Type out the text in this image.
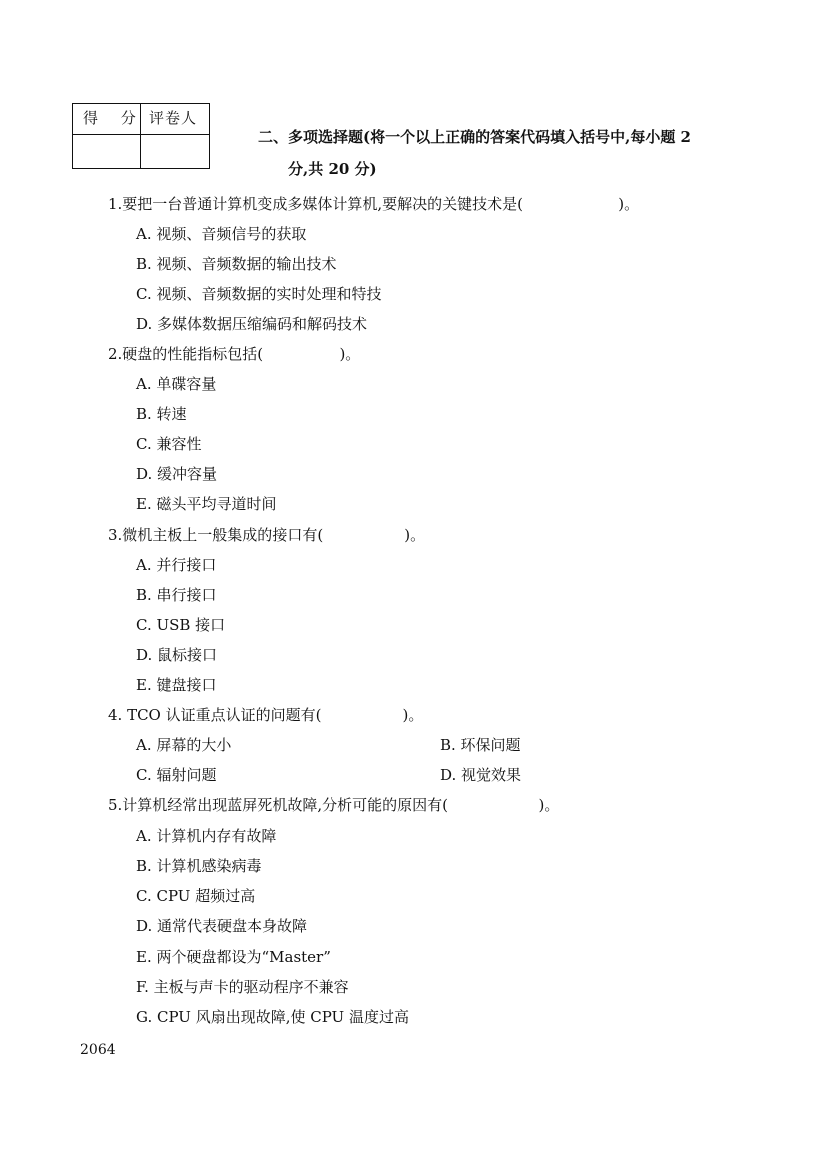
得 分 评卷人
二、多项选择题(将一个以上正确的答案代码填入括号中,每小题 2
分,共 20 分)
1.要把一台普通计算机变成多媒体计算机,要解决的关键技术是(                    )。
A. 视频、音频信号的获取
B. 视频、音频数据的输出技术
C. 视频、音频数据的实时处理和特技
D. 多媒体数据压缩编码和解码技术
2.硬盘的性能指标包括(                )。
A. 单碟容量
B. 转速
C. 兼容性
D. 缓冲容量
E. 磁头平均寻道时间
3.微机主板上一般集成的接口有(                 )。
A. 并行接口
B. 串行接口
C. USB 接口
D. 鼠标接口
E. 键盘接口
4. TCO 认证重点认证的问题有(                 )。
A. 屏幕的大小	B. 环保问题
C. 辐射问题	D. 视觉效果
5.计算机经常出现蓝屏死机故障,分析可能的原因有(                   )。
A. 计算机内存有故障
B. 计算机感染病毒
C. CPU 超频过高
D. 通常代表硬盘本身故障
E. 两个硬盘都设为“Master”
F. 主板与声卡的驱动程序不兼容
G. CPU 风扇出现故障,使 CPU 温度过高
2064
